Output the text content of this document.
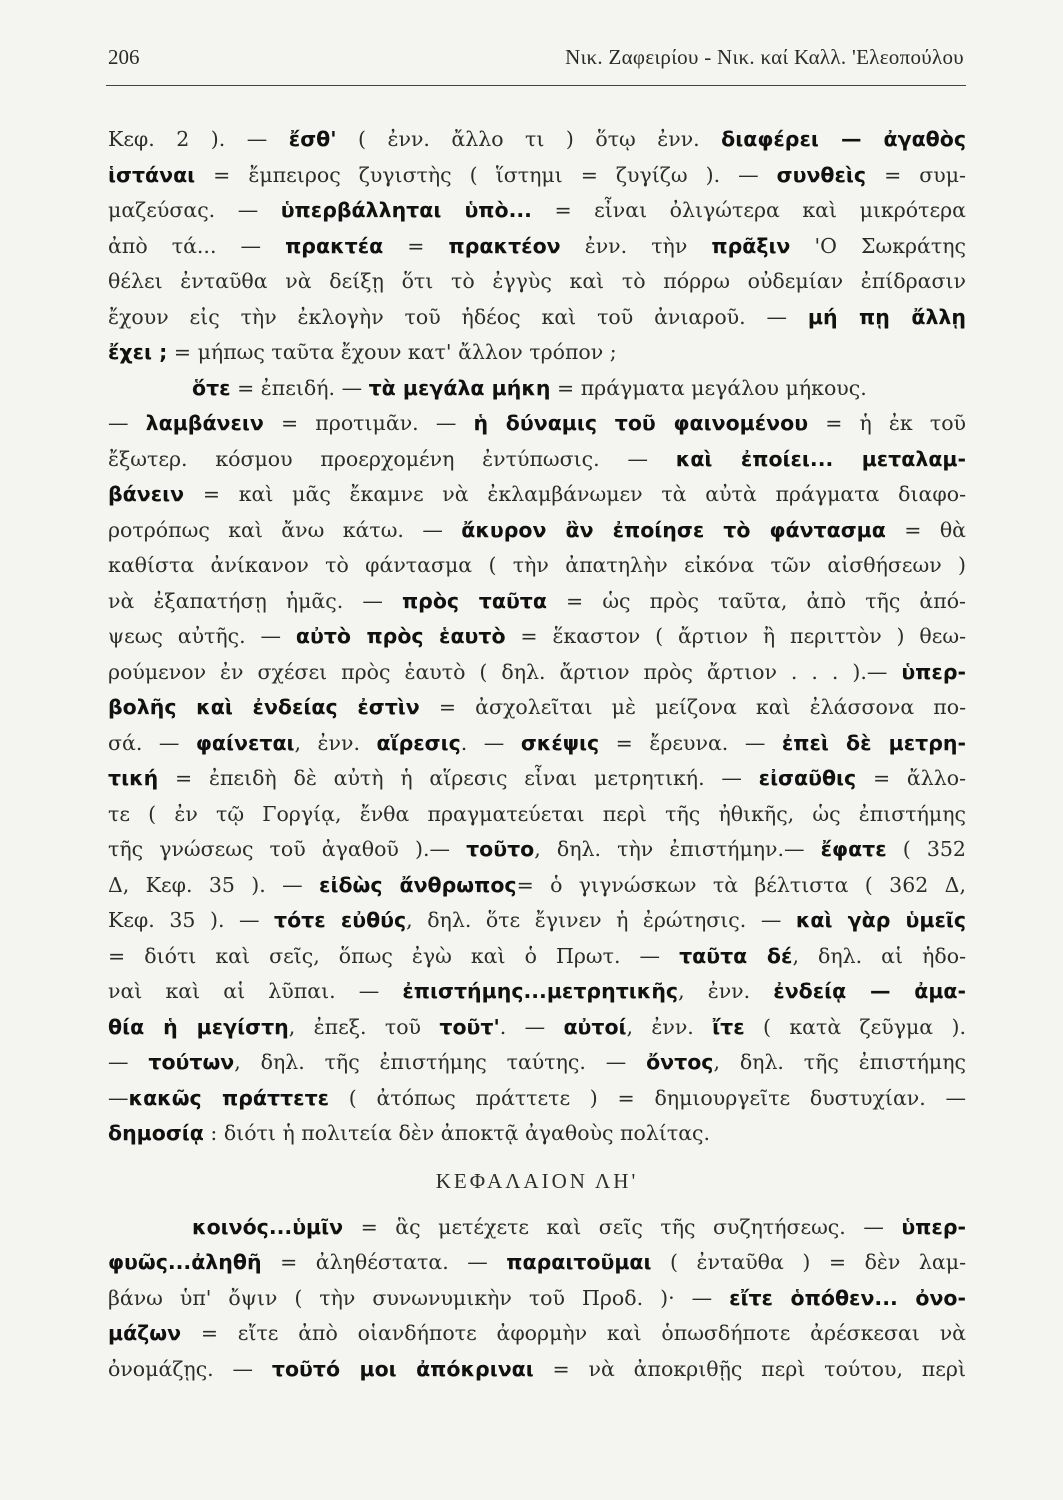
206	Νικ. Ζαφειρίου - Νικ. καί Καλλ. 'Ελεοπούλου
Κεφ. 2 ). — ἔσθ' ( ἐνν. ἄλλο τι ) ὅτῳ ἐνν. διαφέρει — ἀγαθὸς
ἱστάναι = ἔμπειρος ζυγιστὴς ( ἵστημι = ζυγίζω ). — συνθεὶς = συμ-
μαζεύσας. — ὑπερβάλληται ὑπὸ... = εἶναι ὀλιγώτερα καὶ μικρότερα
ἀπὸ τά... — πρακτέα = πρακτέον ἐνν. τὴν πρᾶξιν 'Ο Σωκράτης
θέλει ἐνταῦθα νὰ δείξῃ ὅτι τὸ ἐγγὺς καὶ τὸ πόρρω οὐδεμίαν ἐπίδρασιν
ἔχουν εἰς τὴν ἐκλογὴν τοῦ ἡδέος καὶ τοῦ ἀνιαροῦ. — μή πῃ ἄλλῃ
ἔχει ; = μήπως ταῦτα ἔχουν κατ' ἄλλον τρόπον ;
ὅτε = ἐπειδή. — τὰ μεγάλα μήκη = πράγματα μεγάλου μήκους.
— λαμβάνειν = προτιμᾶν. — ἡ δύναμις τοῦ φαινομένου = ἡ ἐκ τοῦ
ἔξωτερ. κόσμου προερχομένη ἐντύπωσις. — καὶ ἐποίει... μεταλαμ-
βάνειν = καὶ μᾶς ἔκαμνε νὰ ἐκλαμβάνωμεν τὰ αὐτὰ πράγματα διαφο-
ροτρόπως καὶ ἄνω κάτω. — ἄκυρον ἂν ἐποίησε τὸ φάντασμα = θὰ
καθίστα ἀνίκανον τὸ φάντασμα ( τὴν ἀπατηλὴν εἰκόνα τῶν αἰσθήσεων )
νὰ ἐξαπατήσῃ ἡμᾶς. — πρὸς ταῦτα = ὡς πρὸς ταῦτα, ἀπὸ τῆς ἀπό-
ψεως αὐτῆς. — αὐτὸ πρὸς ἑαυτὸ = ἕκαστον ( ἄρτιον ἢ περιττὸν ) θεω-
ρούμενον ἐν σχέσει πρὸς ἑαυτὸ ( δηλ. ἄρτιον πρὸς ἄρτιον . . . ).— ὑπερ-
βολῆς καὶ ἐνδείας ἐστὶν = ἀσχολεῖται μὲ μείζονα καὶ ἐλάσσονα πο-
σά. — φαίνεται, ἐνν. αἵρεσις. — σκέψις = ἔρευνα. — ἐπεὶ δὲ μετρη-
τική = ἐπειδὴ δὲ αὐτὴ ἡ αἵρεσις εἶναι μετρητική. — εἰσαῦθις = ἄλλο-
τε ( ἐν τῷ Γοργίᾳ, ἔνθα πραγματεύεται περὶ τῆς ἠθικῆς, ὡς ἐπιστήμης
τῆς γνώσεως τοῦ ἀγαθοῦ ).— τοῦτο, δηλ. τὴν ἐπιστήμην.— ἔφατε ( 352
Δ, Κεφ. 35 ). — εἰδὼς ἄνθρωπος= ὁ γιγνώσκων τὰ βέλτιστα ( 362 Δ,
Κεφ. 35 ). — τότε εὐθύς, δηλ. ὅτε ἔγινεν ἡ ἐρώτησις. — καὶ γὰρ ὑμεῖς
= διότι καὶ σεῖς, ὅπως ἐγὼ καὶ ὁ Πρωτ. — ταῦτα δέ, δηλ. αἱ ἡδο-
ναὶ καὶ αἱ λῦπαι. — ἐπιστήμης...μετρητικῆς, ἐνν. ἐνδείᾳ — ἀμα-
θία ἡ μεγίστη, ἐπεξ. τοῦ τοῦτ'. — αὐτοί, ἐνν. ἴτε ( κατὰ ζεῦγμα ).
— τούτων, δηλ. τῆς ἐπιστήμης ταύτης. — ὄντος, δηλ. τῆς ἐπιστήμης
—κακῶς πράττετε ( ἀτόπως πράττετε ) = δημιουργεῖτε δυστυχίαν. —
δημοσίᾳ : διότι ἡ πολιτεία δὲν ἀποκτᾷ ἀγαθοὺς πολίτας.
ΚΕΦΑΛΑΙΟΝ ΛΗ'
κοινός...ὑμῖν = ἃς μετέχετε καὶ σεῖς τῆς συζητήσεως. — ὑπερ-
φυῶς...ἀληθῆ = ἀληθέστατα. — παραιτοῦμαι ( ἐνταῦθα ) = δὲν λαμ-
βάνω ὑπ' ὄψιν ( τὴν συνωνυμικὴν τοῦ Προδ. )· — εἴτε ὁπόθεν... ὀνο-
μάζων = εἴτε ἀπὸ οἱανδήποτε ἀφορμὴν καὶ ὁπωσδήποτε ἀρέσκεσαι νὰ
ὀνομάζῃς. — τοῦτό μοι ἀπόκριναι = νὰ ἀποκριθῇς περὶ τούτου, περὶ
